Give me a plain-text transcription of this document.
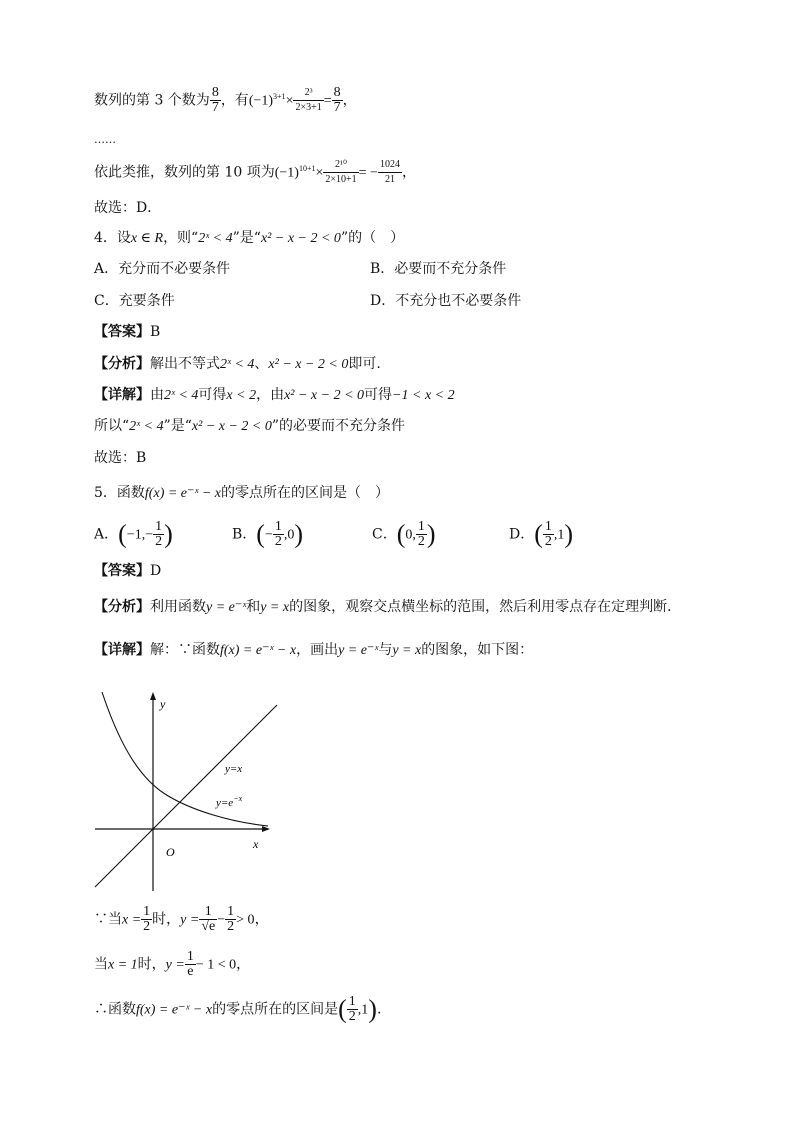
数列的第 3 个数为 $\frac{8}{7}$ ，有$(-1)^{3+1}\times \frac{\text{2³}}{2\times 3+1} = \frac{8}{7}$ ，
……
依此类推，数列的第 10 项为$(-1)^{10+1}\times \frac{\text{2¹⁰}}{2\times 10+1}$ = − $\frac{1024}{21}$ ，
故选：D．
4．设x ∈ R，则“2ˣ < 4”是“x² − x − 2 < 0”的（　）
A．充分而不必要条件	B．必要而不充分条件
C．充要条件	D．不充分也不必要条件
【答案】B
【分析】解出不等式2ˣ < 4、x² − x − 2 < 0即可.
【详解】由2ˣ < 4可得x < 2，由x² − x − 2 < 0可得−1 < x < 2
所以“2ˣ < 4”是“x² − x − 2 < 0”的必要而不充分条件
故选：B
5．函数f(x) = e⁻ˣ − x的零点所在的区间是（　）
A．($-1,- \frac{1}{2}$ )	B．(− $\frac{1}{2} ,0$)	C．(0, $\frac{1}{2}$ )	D．( $\frac{1}{2} ,1$)
【答案】D
【分析】利用函数y = e⁻ˣ和y = x的图象，观察交点横坐标的范围，然后利用零点存在定理判断．
【详解】解：∵函数f(x) = e⁻ˣ − x，画出y = e⁻ˣ与y = x的图象，如下图：
y
x
O
y=x
$y=e^{-x}$
∵当$x = \frac{1}{2}$ 时，$y = \frac{1}{√e} - \frac{1}{2} > 0$，
当x = 1时，$y = \frac{1}{e} - 1 < 0$，
∴函数f(x) = e⁻ˣ − x的零点所在的区间是( $\frac{1}{2} ,1$).
